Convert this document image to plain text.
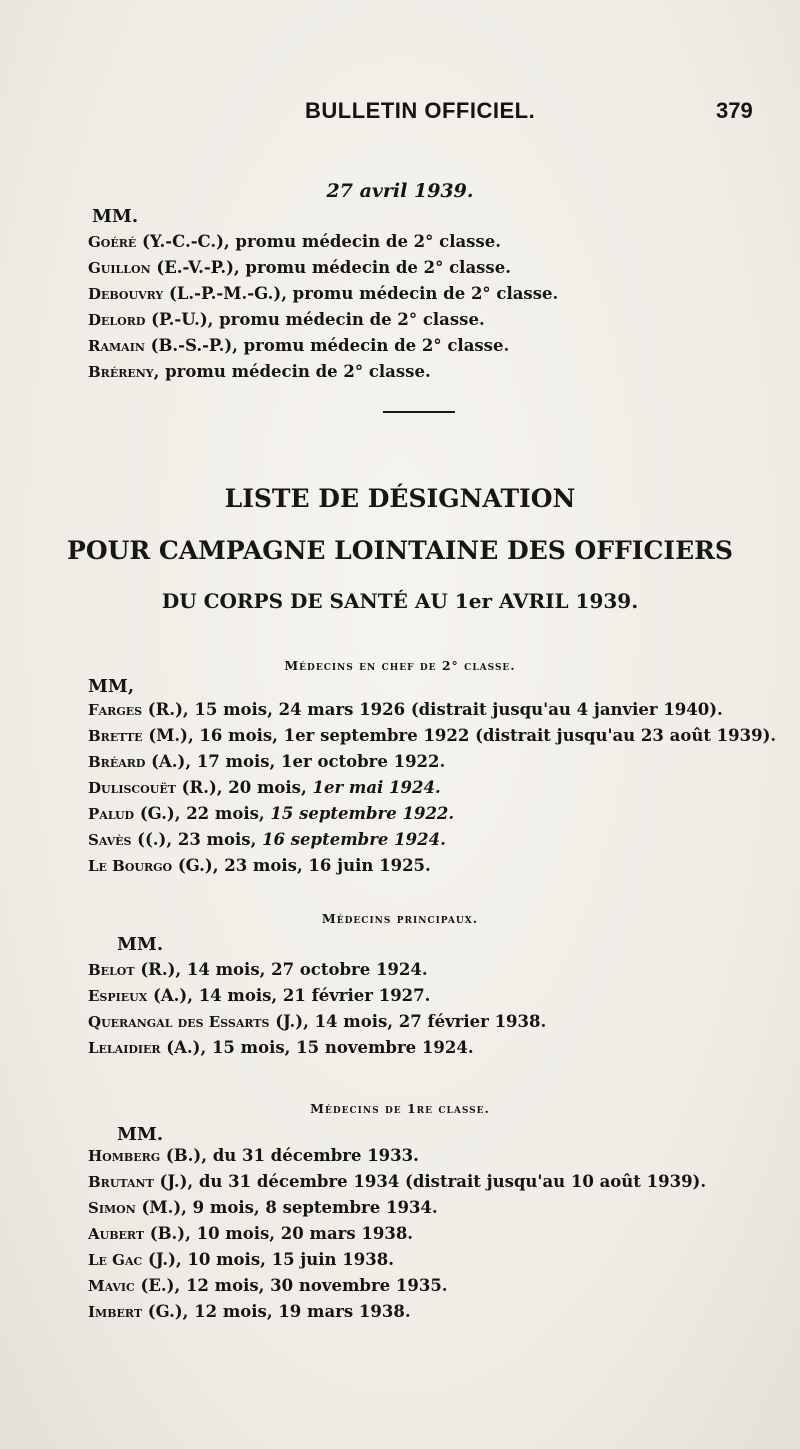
BULLETIN OFFICIEL.	379
27 avril 1939.
MM.
Goéré (Y.-C.-C.), promu médecin de 2° classe.
Guillon (E.-V.-P.), promu médecin de 2° classe.
Debouvry (L.-P.-M.-G.), promu médecin de 2° classe.
Delord (P.-U.), promu médecin de 2° classe.
Ramain (B.-S.-P.), promu médecin de 2° classe.
Bréreny, promu médecin de 2° classe.
LISTE DE DÉSIGNATION
POUR CAMPAGNE LOINTAINE DES OFFICIERS
DU CORPS DE SANTÉ AU 1er AVRIL 1939.
Médecins en chef de 2° classe.
MM,
Farges (R.), 15 mois, 24 mars 1926 (distrait jusqu'au 4 janvier 1940).
Brette (M.), 16 mois, 1er septembre 1922 (distrait jusqu'au 23 août 1939).
Bréard (A.), 17 mois, 1er octobre 1922.
Duliscouët (R.), 20 mois, 1er mai 1924.
Palud (G.), 22 mois, 15 septembre 1922.
Savès ((.), 23 mois, 16 septembre 1924.
Le Bourgo (G.), 23 mois, 16 juin 1925.
Médecins principaux.
MM.
Belot (R.), 14 mois, 27 octobre 1924.
Espieux (A.), 14 mois, 21 février 1927.
Querangal des Essarts (J.), 14 mois, 27 février 1938.
Lelaidier (A.), 15 mois, 15 novembre 1924.
Médecins de 1re classe.
MM.
Homberg (B.), du 31 décembre 1933.
Brutant (J.), du 31 décembre 1934 (distrait jusqu'au 10 août 1939).
Simon (M.), 9 mois, 8 septembre 1934.
Aubert (B.), 10 mois, 20 mars 1938.
Le Gac (J.), 10 mois, 15 juin 1938.
Mavic (E.), 12 mois, 30 novembre 1935.
Imbert (G.), 12 mois, 19 mars 1938.
